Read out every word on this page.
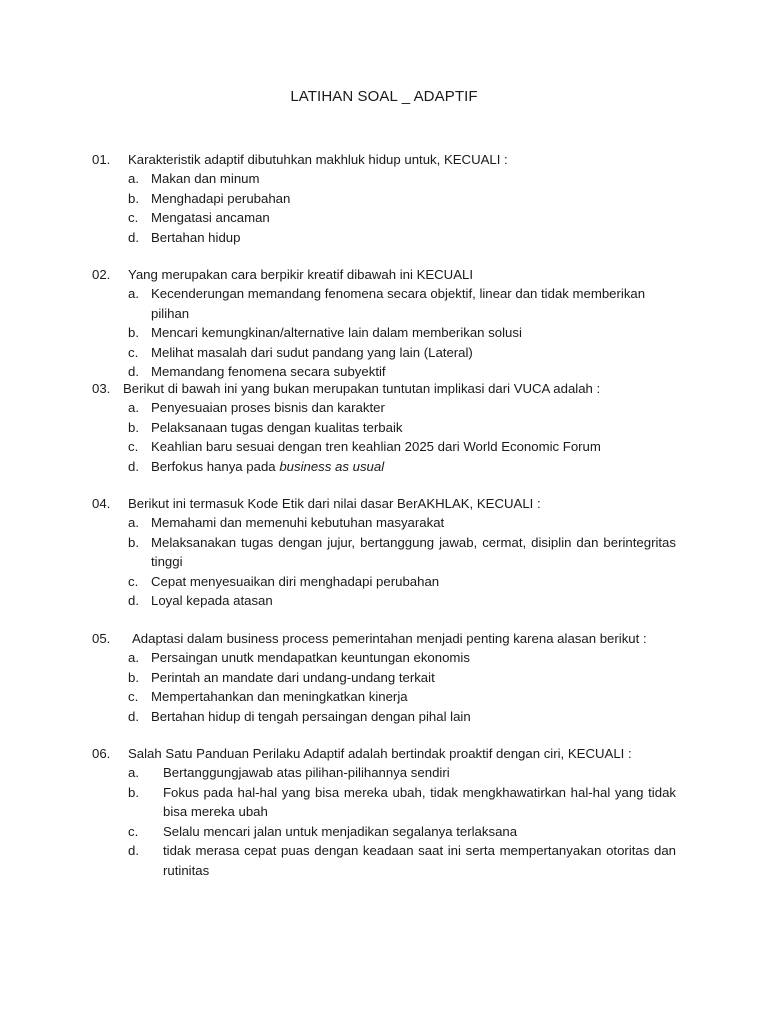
LATIHAN SOAL _ ADAPTIF
01. Karakteristik adaptif dibutuhkan makhluk hidup untuk, KECUALI :
a. Makan dan minum
b. Menghadapi perubahan
c. Mengatasi ancaman
d. Bertahan hidup
02. Yang merupakan cara berpikir kreatif dibawah ini KECUALI
a. Kecenderungan memandang fenomena secara objektif, linear dan tidak memberikan pilihan
b. Mencari kemungkinan/alternative lain dalam memberikan solusi
c. Melihat masalah dari sudut pandang yang lain (Lateral)
d. Memandang fenomena secara subyektif
03. Berikut di bawah ini yang bukan merupakan tuntutan implikasi dari VUCA adalah :
a. Penyesuaian proses bisnis dan karakter
b. Pelaksanaan tugas dengan kualitas terbaik
c. Keahlian baru sesuai dengan tren keahlian 2025 dari World Economic Forum
d. Berfokus hanya pada business as usual
04. Berikut ini termasuk Kode Etik dari nilai dasar BerAKHLAK, KECUALI :
a. Memahami dan memenuhi kebutuhan masyarakat
b. Melaksanakan tugas dengan jujur, bertanggung jawab, cermat, disiplin dan berintegritas
tinggi
c. Cepat menyesuaikan diri menghadapi perubahan
d. Loyal kepada atasan
05. Adaptasi dalam business process pemerintahan menjadi penting karena alasan berikut :
a. Persaingan unutk mendapatkan keuntungan ekonomis
b. Perintah an mandate dari undang-undang terkait
c. Mempertahankan dan meningkatkan kinerja
d. Bertahan hidup di tengah persaingan dengan pihal lain
06. Salah Satu Panduan Perilaku Adaptif adalah bertindak proaktif dengan ciri, KECUALI :
a. Bertanggungjawab atas pilihan-pilihannya sendiri
b. Fokus pada hal-hal yang bisa mereka ubah, tidak mengkhawatirkan hal-hal yang tidak
bisa mereka ubah
c. Selalu mencari jalan untuk menjadikan segalanya terlaksana
d. tidak merasa cepat puas dengan keadaan saat ini serta mempertanyakan otoritas dan
rutinitas
